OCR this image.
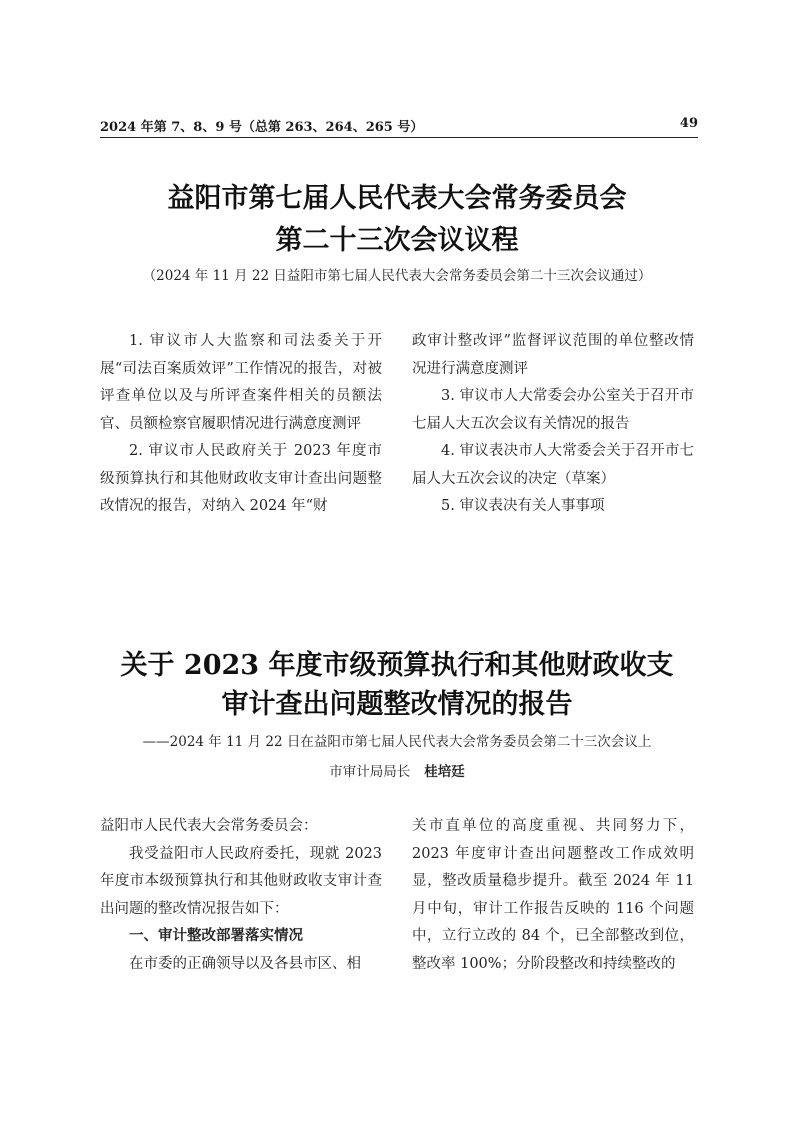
2024 年第 7、8、9 号（总第 263、264、265 号）	49
益阳市第七届人民代表大会常务委员会
第二十三次会议议程
（2024 年 11 月 22 日益阳市第七届人民代表大会常务委员会第二十三次会议通过）

1. 审议市人大监察和司法委关于开展“司法百案质效评”工作情况的报告，对被评查单位以及与所评查案件相关的员额法官、员额检察官履职情况进行满意度测评

2. 审议市人民政府关于 2023 年度市级预算执行和其他财政收支审计查出问题整改情况的报告，对纳入 2024 年“财

政审计整改评”监督评议范围的单位整改情况进行满意度测评

3. 审议市人大常委会办公室关于召开市七届人大五次会议有关情况的报告

4. 审议表决市人大常委会关于召开市七届人大五次会议的决定（草案）

5. 审议表决有关人事事项

关于 2023 年度市级预算执行和其他财政收支
审计查出问题整改情况的报告
——2024 年 11 月 22 日在益阳市第七届人民代表大会常务委员会第二十三次会议上
市审计局局长 桂培廷

益阳市人民代表大会常务委员会：

我受益阳市人民政府委托，现就 2023 年度市本级预算执行和其他财政收支审计查出问题的整改情况报告如下：

一、审计整改部署落实情况

在市委的正确领导以及各县市区、相

关市直单位的高度重视、共同努力下，2023 年度审计查出问题整改工作成效明显，整改质量稳步提升。截至 2024 年 11 月中旬，审计工作报告反映的 116 个问题中，立行立改的 84 个，已全部整改到位，整改率 100%；分阶段整改和持续整改的
